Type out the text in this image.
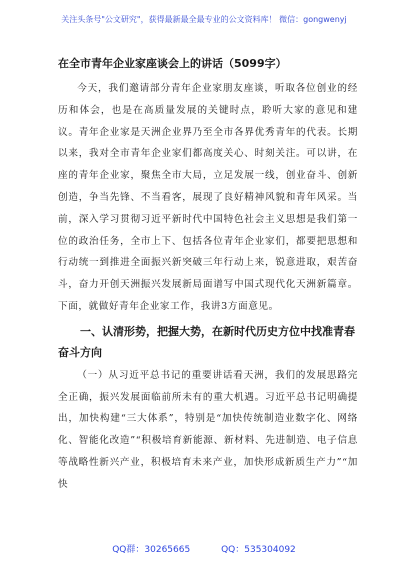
关注头条号"公文研究"，获得最新最全最专业的公文资料库！ 微信：gongwenyj
在全市青年企业家座谈会上的讲话（5099字）

今天，我们邀请部分青年企业家朋友座谈，听取各位创业的经历和体会，也是在高质量发展的关键时点，聆听大家的意见和建议。青年企业家是天洲企业界乃至全市各界优秀青年的代表。长期以来，我对全市青年企业家们都高度关心、时刻关注。可以讲，在座的青年企业家，聚焦全市大局，立足发展一线，创业奋斗、创新创造，争当先锋、不当看客，展现了良好精神风貌和青年风采。当前，深入学习贯彻习近平新时代中国特色社会主义思想是我们第一位的政治任务，全市上下、包括各位青年企业家们，都要把思想和行动统一到推进全面振兴新突破三年行动上来，锐意进取，艰苦奋斗，奋力开创天洲振兴发展新局面谱写中国式现代化天洲新篇章。下面，就做好青年企业家工作，我讲3方面意见。

一、认清形势，把握大势，在新时代历史方位中找准青春奋斗方向

（一）从习近平总书记的重要讲话看天洲，我们的发展思路完全正确，振兴发展面临前所未有的重大机遇。习近平总书记明确提出，加快构建“三大体系”，特别是“加快传统制造业数字化、网络化、智能化改造”“积极培育新能源、新材料、先进制造、电子信息等战略性新兴产业，积极培育未来产业，加快形成新质生产力”“加快

QQ群：30265665	QQ：535304092
